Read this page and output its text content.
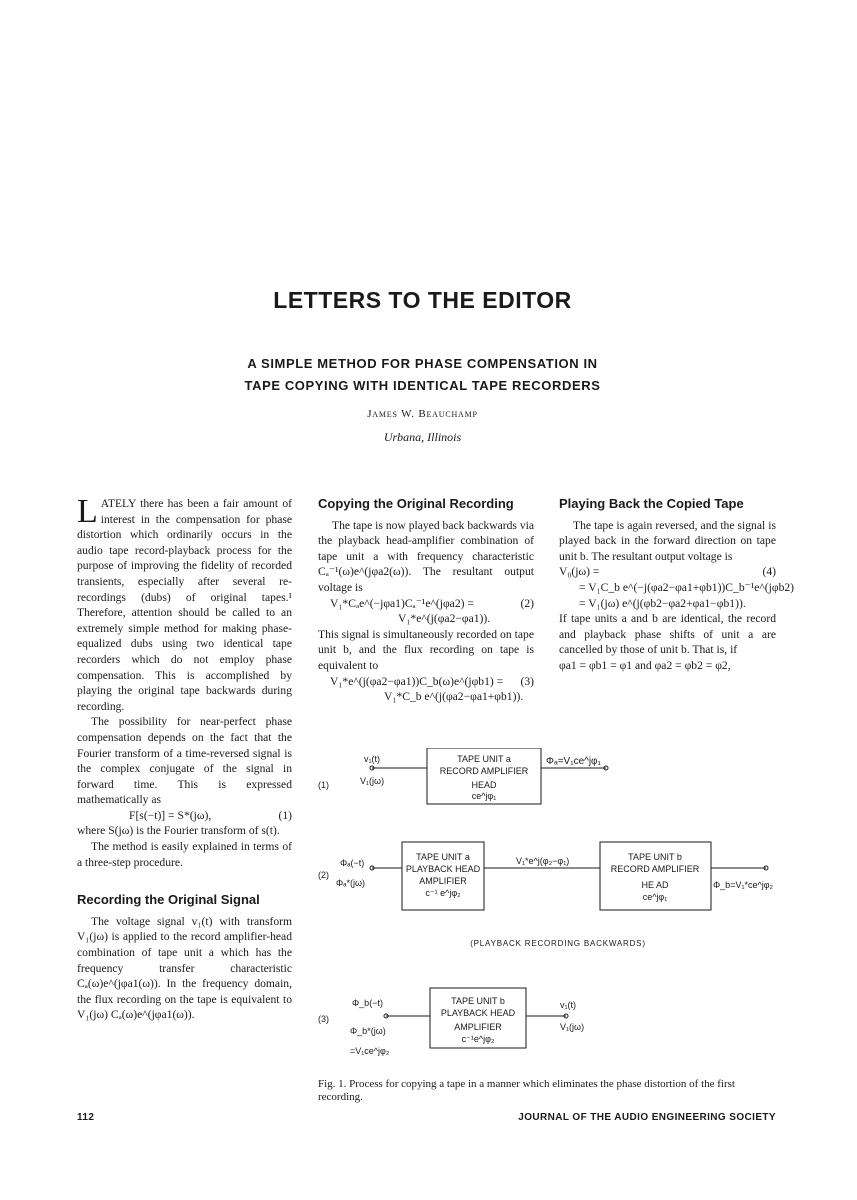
LETTERS TO THE EDITOR
A SIMPLE METHOD FOR PHASE COMPENSATION IN
TAPE COPYING WITH IDENTICAL TAPE RECORDERS
James W. Beauchamp
Urbana, Illinois

L ATELY there has been a fair amount of interest in the compensation for phase distortion which ordinarily occurs in the audio tape record-playback process for the purpose of improving the fidelity of recorded transients, especially after several re-recordings (dubs) of original tapes.¹ Therefore, attention should be called to an extremely simple method for making phase-equalized dubs using two identical tape recorders which do not employ phase compensation. This is accomplished by playing the original tape backwards during recording.

The possibility for near-perfect phase compensation depends on the fact that the Fourier transform of a time-reversed signal is the complex conjugate of the signal in forward time. This is expressed mathematically as

F[s(−t)] = S*(jω),	(1)

where S(jω) is the Fourier transform of s(t).

The method is easily explained in terms of a three-step procedure.

Recording the Original Signal

The voltage signal v₁(t) with transform V₁(jω) is applied to the record amplifier-head combination of tape unit a which has the frequency transfer characteristic Cₐ(ω)e^(jφa1(ω)). In the frequency domain, the flux recording on the tape is equivalent to V₁(jω) Cₐ(ω)e^(jφa1(ω)).

Copying the Original Recording

The tape is now played back backwards via the playback head-amplifier combination of tape unit a with frequency characteristic Cₐ⁻¹(ω)e^(jφa2(ω)). The resultant output voltage is

V₁*Cₐe^(−jφa1)Cₐ⁻¹e^(jφa2) =	(2)
V₁*e^(j(φa2−φa1)).

This signal is simultaneously recorded on tape unit b, and the flux recording on tape is equivalent to

V₁*e^(j(φa2−φa1))C_b(ω)e^(jφb1) = (3)
V₁*C_b e^(j(φa2−φa1+φb1)).
Playing Back the Copied Tape

The tape is again reversed, and the signal is played back in the forward direction on tape unit b. The resultant output voltage is

V₀(jω) =	(4)
= V₁C_b e^(−j(φa2−φa1+φb1))C_b⁻¹e^(jφb2)
= V₁(jω) e^(j(φb2−φa2+φa1−φb1)).

If tape units a and b are identical, the record and playback phase shifts of unit a are cancelled by those of unit b. That is, if

φa1 = φb1 = φ1 and φa2 = φb2 = φ2,
(1)
v₁(t)
V₁(jω)
TAPE UNIT a
RECORD AMPLIFIER
HEAD
ce^jφ₁
Φₐ=V₁ce^jφ₁
(2)
Φₐ(−t)
Φₐ*(jω)
TAPE UNIT a
PLAYBACK HEAD
AMPLIFIER
c⁻¹ e^jφ₂
V₁*e^j(φ₂−φ₁)	TAPE UNIT b
RECORD AMPLIFIER
HE AD
ce^jφ₁
Φ_b=V₁*ce^jφ₂
(PLAYBACK RECORDING BACKWARDS)
(3)
Φ_b(−t)
Φ_b*(jω)
=V₁ce^jφ₂
TAPE UNIT b
PLAYBACK HEAD
AMPLIFIER
c⁻¹e^jφ₂
v₁(t)
V₁(jω)
Fig. 1. Process for copying a tape in a manner which eliminates the phase distortion of the first recording.
112	JOURNAL OF THE AUDIO ENGINEERING SOCIETY
